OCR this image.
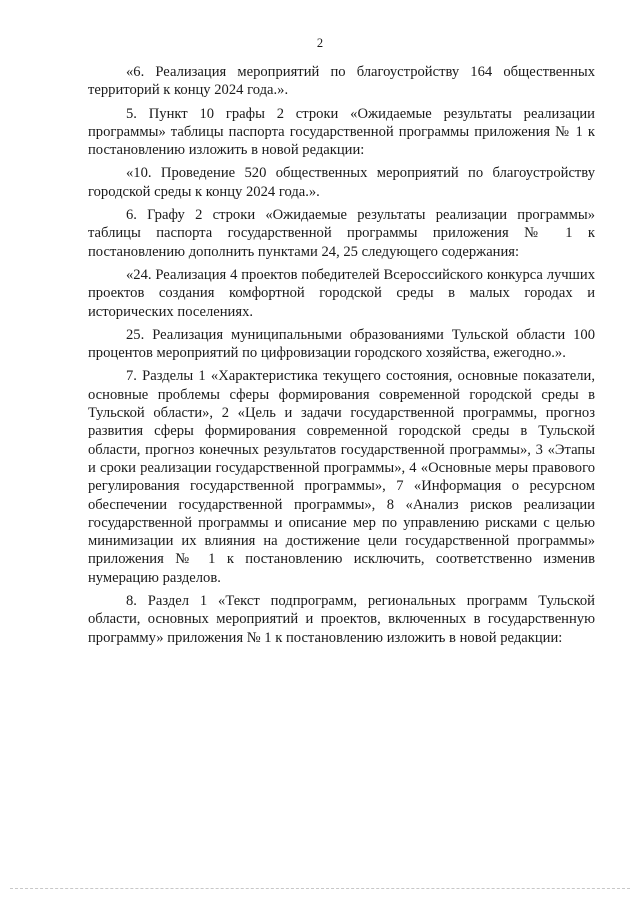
2

«6. Реализация мероприятий по благоустройству 164 общественных территорий к концу 2024 года.».

5. Пункт 10 графы 2 строки «Ожидаемые результаты реализации программы» таблицы паспорта государственной программы приложения № 1 к постановлению изложить в новой редакции:

«10. Проведение 520 общественных мероприятий по благоустройству городской среды к концу 2024 года.».

6. Графу 2 строки «Ожидаемые результаты реализации программы» таблицы паспорта государственной программы приложения № 1 к постановлению дополнить пунктами 24, 25 следующего содержания:

«24. Реализация 4 проектов победителей Всероссийского конкурса лучших проектов создания комфортной городской среды в малых городах и исторических поселениях.

25. Реализация муниципальными образованиями Тульской области 100 процентов мероприятий по цифровизации городского хозяйства, ежегодно.».

7. Разделы 1 «Характеристика текущего состояния, основные показатели, основные проблемы сферы формирования современной городской среды в Тульской области», 2 «Цель и задачи государственной программы, прогноз развития сферы формирования современной городской среды в Тульской области, прогноз конечных результатов государственной программы», 3 «Этапы и сроки реализации государственной программы», 4 «Основные меры правового регулирования государственной программы», 7 «Информация о ресурсном обеспечении государственной программы», 8 «Анализ рисков реализации государственной программы и описание мер по управлению рисками с целью минимизации их влияния на достижение цели государственной программы» приложения № 1 к постановлению исключить, соответственно изменив нумерацию разделов.

8. Раздел 1 «Текст подпрограмм, региональных программ Тульской области, основных мероприятий и проектов, включенных в государственную программу» приложения № 1 к постановлению изложить в новой редакции:
